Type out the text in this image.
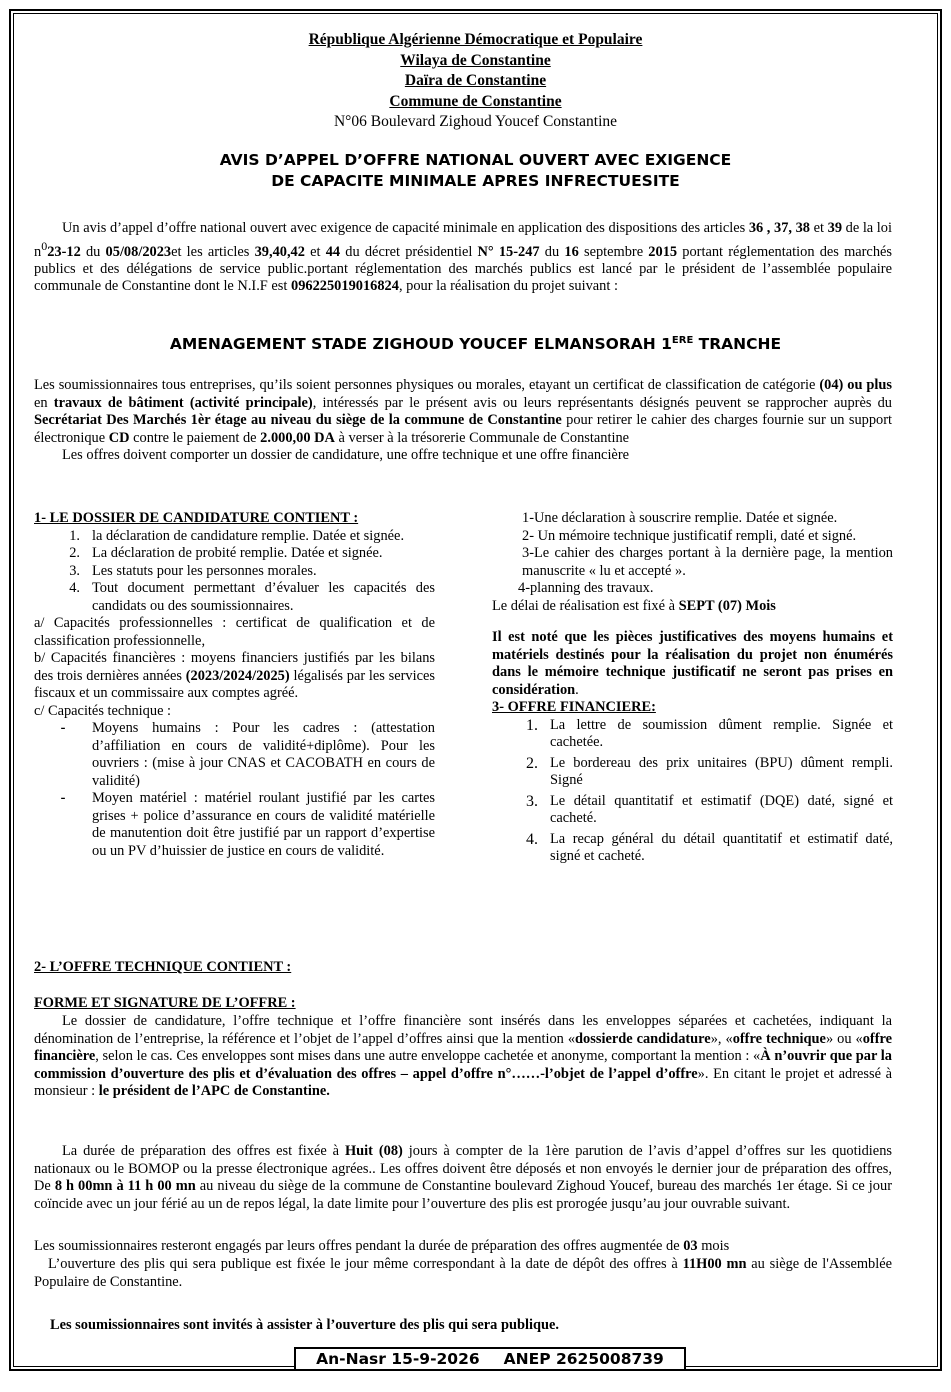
République Algérienne Démocratique et Populaire
Wilaya de Constantine
Daïra de Constantine
Commune de Constantine
N°06 Boulevard Zighoud Youcef Constantine
AVIS D’APPEL D’OFFRE NATIONAL OUVERT AVEC EXIGENCE
DE CAPACITE MINIMALE APRES INFRECTUESITE
Un avis d’appel d’offre national ouvert avec exigence de capacité minimale en application des dispositions des articles 36 , 37, 38 et 39 de la loi $n^023-12$ du 05/08/2023et les articles 39,40,42 et 44 du décret présidentiel N° 15-247 du 16 septembre 2015 portant réglementation des marchés publics et des délégations de service public.portant réglementation des marchés publics est lancé par le président de l’assemblée populaire communale de Constantine dont le N.I.F est 096225019016824, pour la réalisation du projet suivant :
AMENAGEMENT STADE ZIGHOUD YOUCEF ELMANSORAH 1ERE TRANCHE
Les soumissionnaires tous entreprises, qu’ils soient personnes physiques ou morales, etayant un certificat de classification de catégorie (04) ou plus en travaux de bâtiment (activité principale), intéressés par le présent avis ou leurs représentants désignés peuvent se rapprocher auprès du Secrétariat Des Marchés 1èr étage au niveau du siège de la commune de Constantine pour retirer le cahier des charges fournie sur un support électronique CD contre le paiement de 2.000,00 DA à verser à la trésorerie Communale de Constantine
Les offres doivent comporter un dossier de candidature, une offre technique et une offre financière
1- LE DOSSIER DE CANDIDATURE CONTIENT :
1. la déclaration de candidature remplie. Datée et signée.
2. La déclaration de probité remplie. Datée et signée.
3. Les statuts pour les personnes morales.
4. Tout document permettant d’évaluer les capacités des candidats ou des soumissionnaires.
a/ Capacités professionnelles : certificat de qualification et de classification professionnelle,
b/ Capacités financières : moyens financiers justifiés par les bilans des trois dernières années (2023/2024/2025) légalisés par les services fiscaux et un commissaire aux comptes agréé.
c/ Capacités technique :
-	Moyens humains : Pour les cadres : (attestation d’affiliation en cours de validité+diplôme). Pour les ouvriers : (mise à jour CNAS et CACOBATH en cours de validité)
-	Moyen matériel : matériel roulant justifié par les cartes grises + police d’assurance en cours de validité matérielle de manutention doit être justifié par un rapport d’expertise ou un PV d’huissier de justice en cours de validité.
1-Une déclaration à souscrire remplie. Datée et signée.
2- Un mémoire technique justificatif rempli, daté et signé.
3-Le cahier des charges portant à la dernière page, la mention manuscrite « lu et accepté ».
4-planning des travaux.
Le délai de réalisation est fixé à SEPT (07) Mois
Il est noté que les pièces justificatives des moyens humains et matériels destinés pour la réalisation du projet non énumérés dans le mémoire technique justificatif ne seront pas prises en considération.
3- OFFRE FINANCIERE:
1. La lettre de soumission dûment remplie. Signée et cachetée.
2. Le bordereau des prix unitaires (BPU) dûment rempli. Signé
3. Le détail quantitatif et estimatif (DQE) daté, signé et cacheté.
4. La recap général du détail quantitatif et estimatif daté, signé et cacheté.
2- L’OFFRE TECHNIQUE CONTIENT :
FORME ET SIGNATURE DE L’OFFRE :
Le dossier de candidature, l’offre technique et l’offre financière sont insérés dans les enveloppes séparées et cachetées, indiquant la dénomination de l’entreprise, la référence et l’objet de l’appel d’offres ainsi que la mention «dossierde candidature», «offre technique» ou «offre financière, selon le cas. Ces enveloppes sont mises dans une autre enveloppe cachetée et anonyme, comportant la mention : «À n’ouvrir que par la commission d’ouverture des plis et d’évaluation des offres – appel d’offre n°……-l’objet de l’appel d’offre». En citant le projet et adressé à monsieur : le président de l’APC de Constantine.
La durée de préparation des offres est fixée à Huit (08) jours à compter de la 1ère parution de l’avis d’appel d’offres sur les quotidiens nationaux ou le BOMOP ou la presse électronique agrées.. Les offres doivent être déposés et non envoyés le dernier jour de préparation des offres, De 8 h 00mn à 11 h 00 mn au niveau du siège de la commune de Constantine boulevard Zighoud Youcef, bureau des marchés 1er étage. Si ce jour coïncide avec un jour férié au un de repos légal, la date limite pour l’ouverture des plis est prorogée jusqu’au jour ouvrable suivant.
Les soumissionnaires resteront engagés par leurs offres pendant la durée de préparation des offres augmentée de 03 mois
L’ouverture des plis qui sera publique est fixée le jour même correspondant à la date de dépôt des offres à 11H00 mn au siège de l'Assemblée Populaire de Constantine.
Les soumissionnaires sont invités à assister à l’ouverture des plis qui sera publique.
An-Nasr 15-9-2026 ANEP 2625008739
